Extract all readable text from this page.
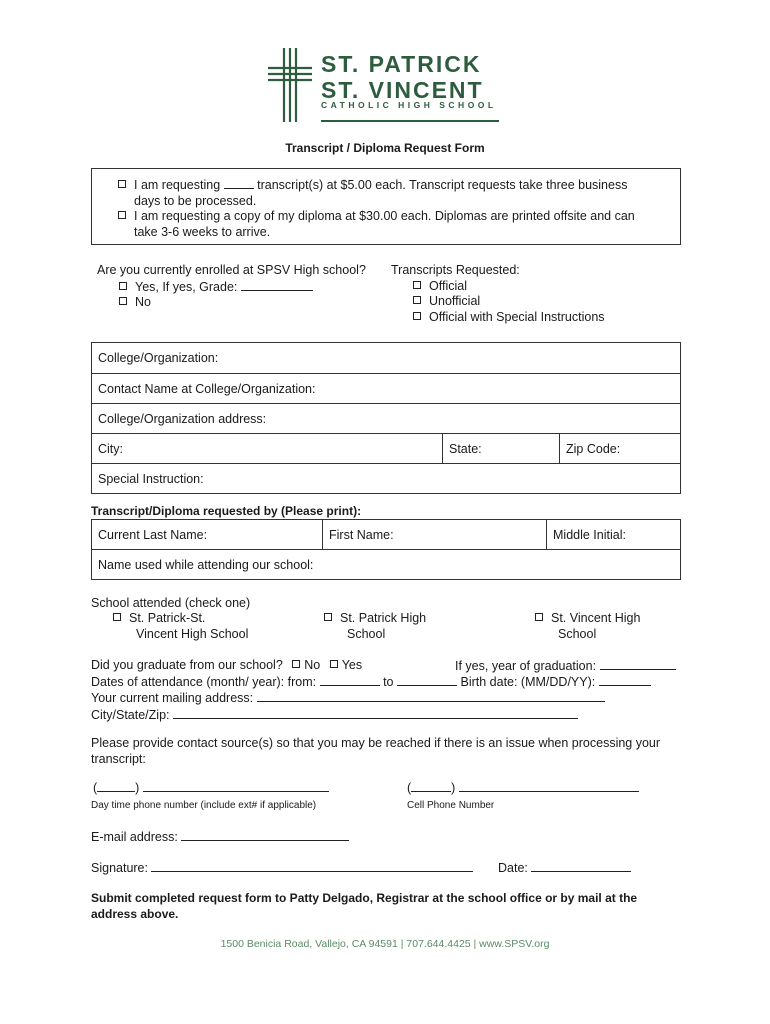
ST. PATRICK
ST. VINCENT
CATHOLIC HIGH SCHOOL
Transcript / Diploma Request Form

I am requesting	transcript(s) at $5.00 each. Transcript requests take three business

days to be processed.

I am requesting a copy of my diploma at $30.00 each. Diplomas are printed offsite and can

take 3-6 weeks to arrive.

Are you currently enrolled at SPSV High school?

Yes, If yes, Grade:

No

Transcripts Requested:

Official

Unofficial

Official with Special Instructions

College/Organization:
Contact Name at College/Organization:
College/Organization address:
City:	State:	Zip Code:
Special Instruction:
Transcript/Diploma requested by (Please print):
Current Last Name:	First Name:	Middle Initial:
Name used while attending our school:
School attended (check one)

St. Patrick-St.

Vincent High School

St. Patrick High

School

St. Vincent High

School

Did you graduate from our school? No Yes	If yes, year of graduation:

Dates of attendance (month/ year): from:	to	Birth date: (MM/DD/YY):

Your current mailing address:

City/State/Zip:

Please provide contact source(s) so that you may be reached if there is an issue when processing your transcript:
(	)
Day time phone number (include ext# if applicable)
(	)
Cell Phone Number
E-mail address:
Signature:	Date:
Submit completed request form to Patty Delgado, Registrar at the school office or by mail at the address above.
1500 Benicia Road, Vallejo, CA 94591 | 707.644.4425 | www.SPSV.org
